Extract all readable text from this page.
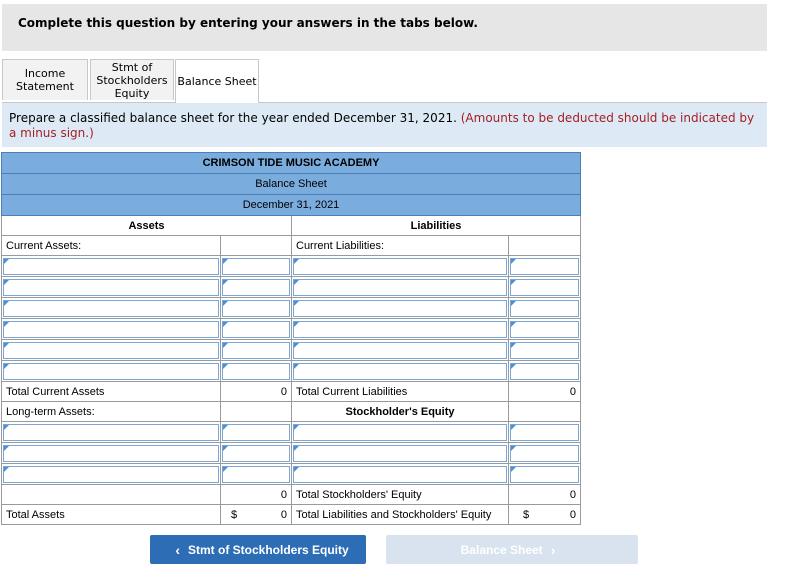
Complete this question by entering your answers in the tabs below.
Income
Statement
Stmt of
Stockholders
Equity
Balance Sheet

Prepare a classified balance sheet for the year ended December 31, 2021. (Amounts to be deducted should be indicated by a minus sign.)

CRIMSON TIDE MUSIC ACADEMY			
Balance Sheet			
December 31, 2021			
Assets		Liabilities	
Current Assets:		Current Liabilities:	

Total Current Assets	0	Total Current Liabilities	0
Long-term Assets:		Stockholder's Equity	

	0	Total Stockholders' Equity	0
Total Assets	$ 0	Total Liabilities and Stockholders' Equity	$ 0
‹ Stmt of Stockholders Equity	Balance Sheet ›
